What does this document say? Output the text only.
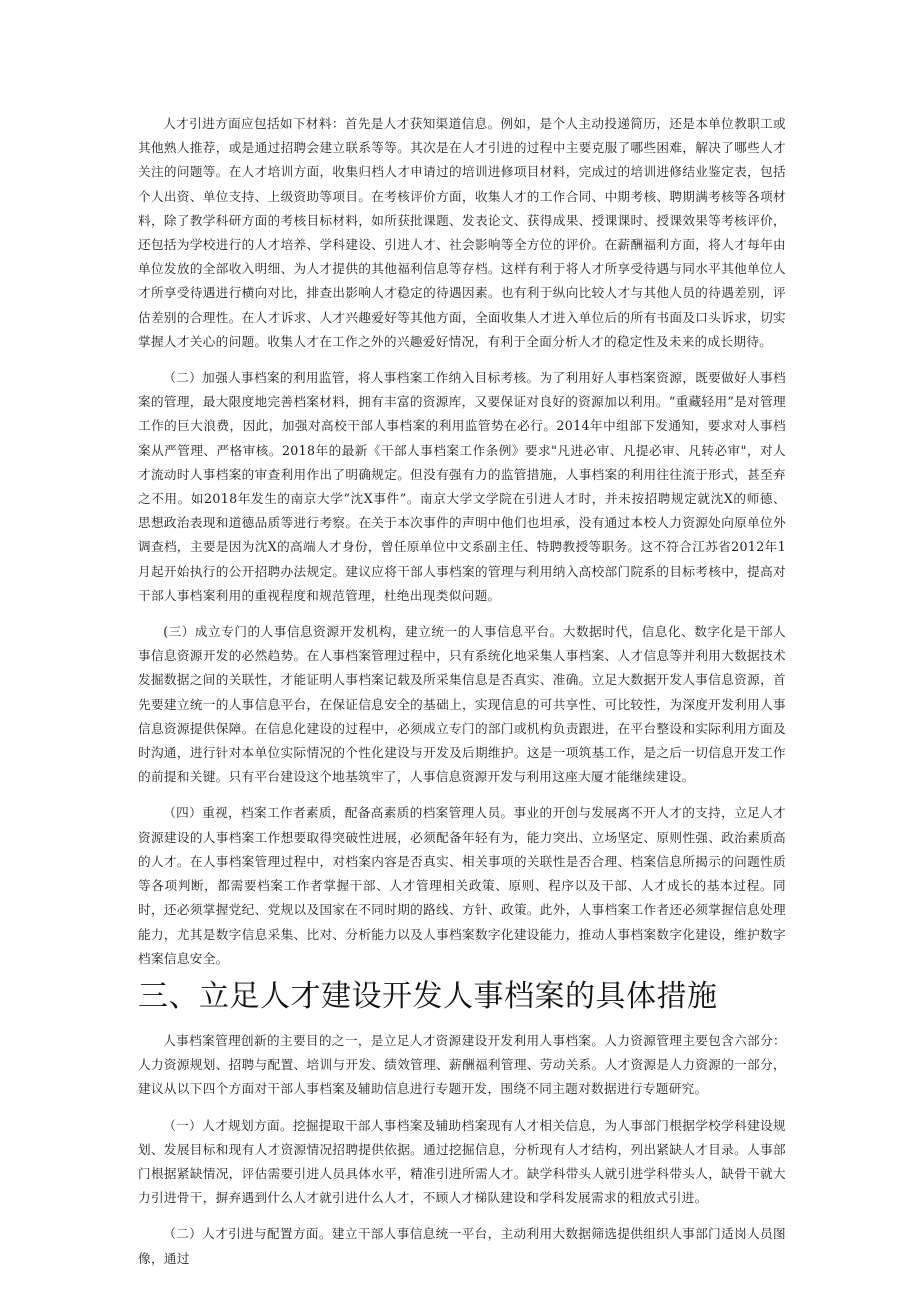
人才引进方面应包括如下材料：首先是人才获知渠道信息。例如，是个人主动投递简历，还是本单位教职工或其他熟人推荐，或是通过招聘会建立联系等等。其次是在人才引进的过程中主要克服了哪些困难，解决了哪些人才关注的问题等。在人才培训方面，收集归档人才申请过的培训进修项目材料，完成过的培训进修结业鉴定表，包括个人出资、单位支持、上级资助等项目。在考核评价方面，收集人才的工作合同、中期考核、聘期满考核等各项材料，除了教学科研方面的考核目标材料，如所获批课题、发表论文、获得成果、授课课时、授课效果等考核评价，还包括为学校进行的人才培养、学科建设、引进人才、社会影响等全方位的评价。在薪酬福利方面，将人才每年由单位发放的全部收入明细、为人才提供的其他福利信息等存档。这样有利于将人才所享受待遇与同水平其他单位人才所享受待遇进行横向对比，排查出影响人才稳定的待遇因素。也有利于纵向比较人才与其他人员的待遇差别，评估差别的合理性。在人才诉求、人才兴趣爱好等其他方面，全面收集人才进入单位后的所有书面及口头诉求，切实掌握人才关心的问题。收集人才在工作之外的兴趣爱好情况，有利于全面分析人才的稳定性及未来的成长期待。

（二）加强人事档案的利用监管，将人事档案工作纳入目标考核。为了利用好人事档案资源，既要做好人事档案的管理，最大限度地完善档案材料，拥有丰富的资源库，又要保证对良好的资源加以利用。“重藏轻用”是对管理工作的巨大浪费，因此，加强对高校干部人事档案的利用监管势在必行。2014年中组部下发通知，要求对人事档案从严管理、严格审核。2018年的最新《干部人事档案工作条例》要求"凡进必审、凡提必审、凡转必审"，对人才流动时人事档案的审查利用作出了明确规定。但没有强有力的监管措施，人事档案的利用往往流于形式，甚至弃之不用。如2018年发生的南京大学“沈X事件”。南京大学文学院在引进人才时，并未按招聘规定就沈X的师德、思想政治表现和道德品质等进行考察。在关于本次事件的声明中他们也坦承，没有通过本校人力资源处向原单位外调查档，主要是因为沈X的高端人才身份，曾任原单位中文系副主任、特聘教授等职务。这不符合江苏省2012年1月起开始执行的公开招聘办法规定。建议应将干部人事档案的管理与利用纳入高校部门院系的目标考核中，提高对干部人事档案利用的重视程度和规范管理，杜绝出现类似问题。

(三）成立专门的人事信息资源开发机构，建立统一的人事信息平台。大数据时代，信息化、数字化是干部人事信息资源开发的必然趋势。在人事档案管理过程中，只有系统化地采集人事档案、人才信息等并利用大数据技术发掘数据之间的关联性，才能证明人事档案记载及所采集信息是否真实、准确。立足大数据开发人事信息资源，首先要建立统一的人事信息平台，在保证信息安全的基础上，实现信息的可共享性、可比较性，为深度开发利用人事信息资源提供保障。在信息化建设的过程中，必须成立专门的部门或机构负责跟进，在平台整设和实际利用方面及时沟通，进行针对本单位实际情况的个性化建设与开发及后期维护。这是一项筑基工作，是之后一切信息开发工作的前提和关键。只有平台建设这个地基筑牢了，人事信息资源开发与利用这座大厦才能继续建设。

（四）重视，档案工作者素质，配备高素质的档案管理人员。事业的开创与发展离不开人才的支持，立足人才资源建设的人事档案工作想要取得突破性进展，必须配备年轻有为，能力突出、立场坚定、原则性强、政治素质高的人才。在人事档案管理过程中，对档案内容是否真实、相关事项的关联性是否合理、档案信息所揭示的问题性质等各项判断，都需要档案工作者掌握干部、人才管理相关政策、原则、程序以及干部、人才成长的基本过程。同时，还必须掌握党纪、党规以及国家在不同时期的路线、方针、政策。此外，人事档案工作者还必须掌握信息处理能力，尤其是数字信息采集、比对、分析能力以及人事档案数字化建设能力，推动人事档案数字化建设，维护数字档案信息安全。

三、立足人才建设开发人事档案的具体措施

人事档案管理创新的主要目的之一，是立足人才资源建设开发利用人事档案。人力资源管理主要包含六部分：人力资源规划、招聘与配置、培训与开发、绩效管理、薪酬福利管理、劳动关系。人才资源是人力资源的一部分，建议从以下四个方面对干部人事档案及辅助信息进行专题开发，围绕不同主题对数据进行专题研究。

（一）人才规划方面。挖掘提取干部人事档案及辅助档案现有人才相关信息，为人事部门根据学校学科建设规划、发展目标和现有人才资源情况招聘提供依据。通过挖掘信息，分析现有人才结构，列出紧缺人才目录。人事部门根据紧缺情况，评估需要引进人员具体水平，精准引进所需人才。缺学科带头人就引进学科带头人，缺骨干就大力引进骨干，摒弃遇到什么人才就引进什么人才，不顾人才梯队建设和学科发展需求的粗放式引进。

（二）人才引进与配置方面。建立干部人事信息统一平台，主动利用大数据筛选提供组织人事部门适岗人员图像，通过
